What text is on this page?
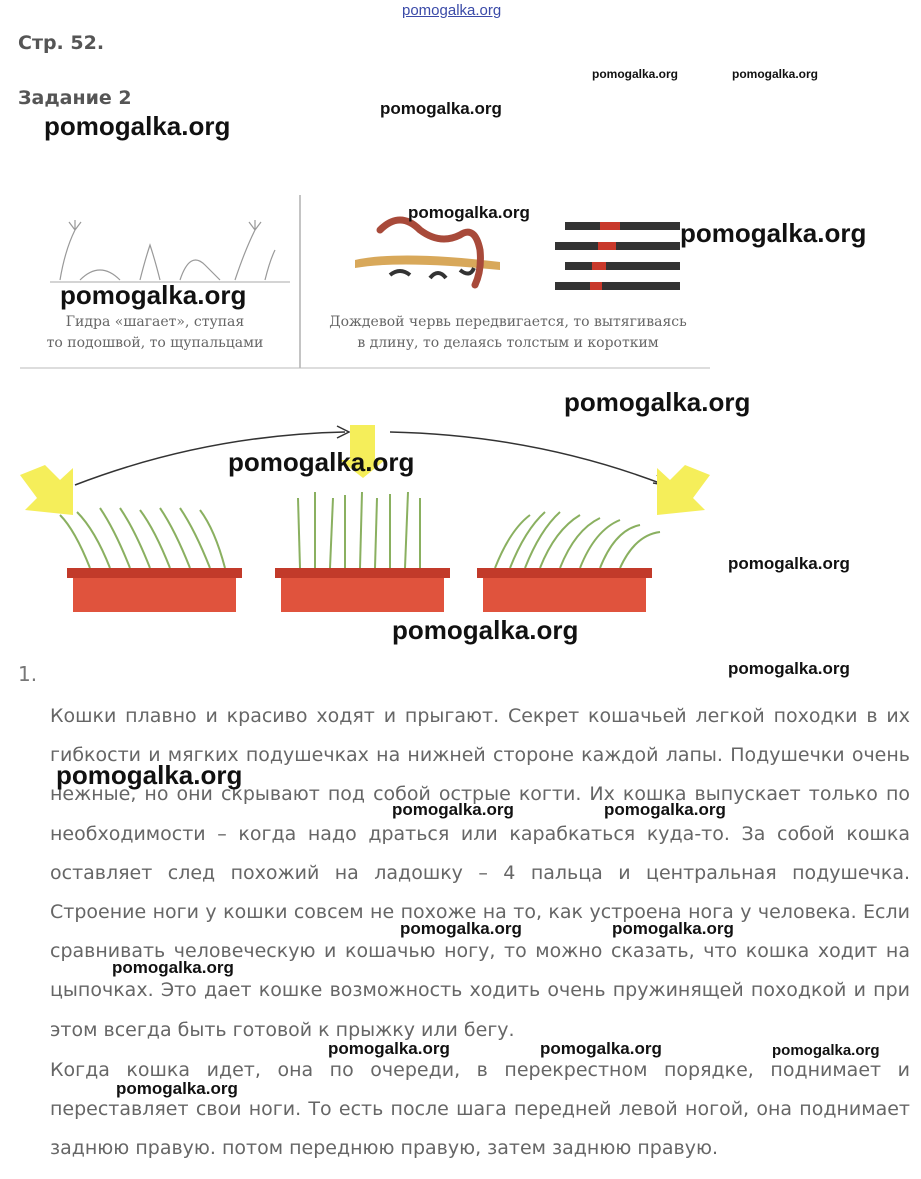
pomogalka.org
Стр. 52.
Задание 2
Гидра «шагает», ступая
то подошвой, то щупальцами
Дождевой червь передвигается, то вытягиваясь
в длину, то делаясь толстым и коротким
1.
Кошки плавно и красиво ходят и прыгают. Секрет кошачьей легкой походки в их гибкости и мягких подушечках на нижней стороне каждой лапы. Подушечки очень нежные, но они скрывают под собой острые когти. Их кошка выпускает только по необходимости – когда надо драться или карабкаться куда-то. За собой кошка оставляет след похожий на ладошку – 4 пальца и центральная подушечка. Строение ноги у кошки совсем не похоже на то, как устроена нога у человека. Если сравнивать человеческую и кошачью ногу, то можно сказать, что кошка ходит на цыпочках. Это дает кошке возможность ходить очень пружинящей походкой и при этом всегда быть готовой к прыжку или бегу.
Когда кошка идет, она по очереди, в перекрестном порядке, поднимает и переставляет свои ноги. То есть после шага передней левой ногой, она поднимает заднюю правую. потом переднюю правую, затем заднюю правую.
pomogalka.org	pomogalka.org
pomogalka.org
pomogalka.org
pomogalka.org
pomogalka.org
pomogalka.org
pomogalka.org
pomogalka.org
pomogalka.org
pomogalka.org
pomogalka.org
pomogalka.org
pomogalka.org	pomogalka.org
pomogalka.org	pomogalka.org
pomogalka.org
pomogalka.org	pomogalka.org	pomogalka.org
pomogalka.org
